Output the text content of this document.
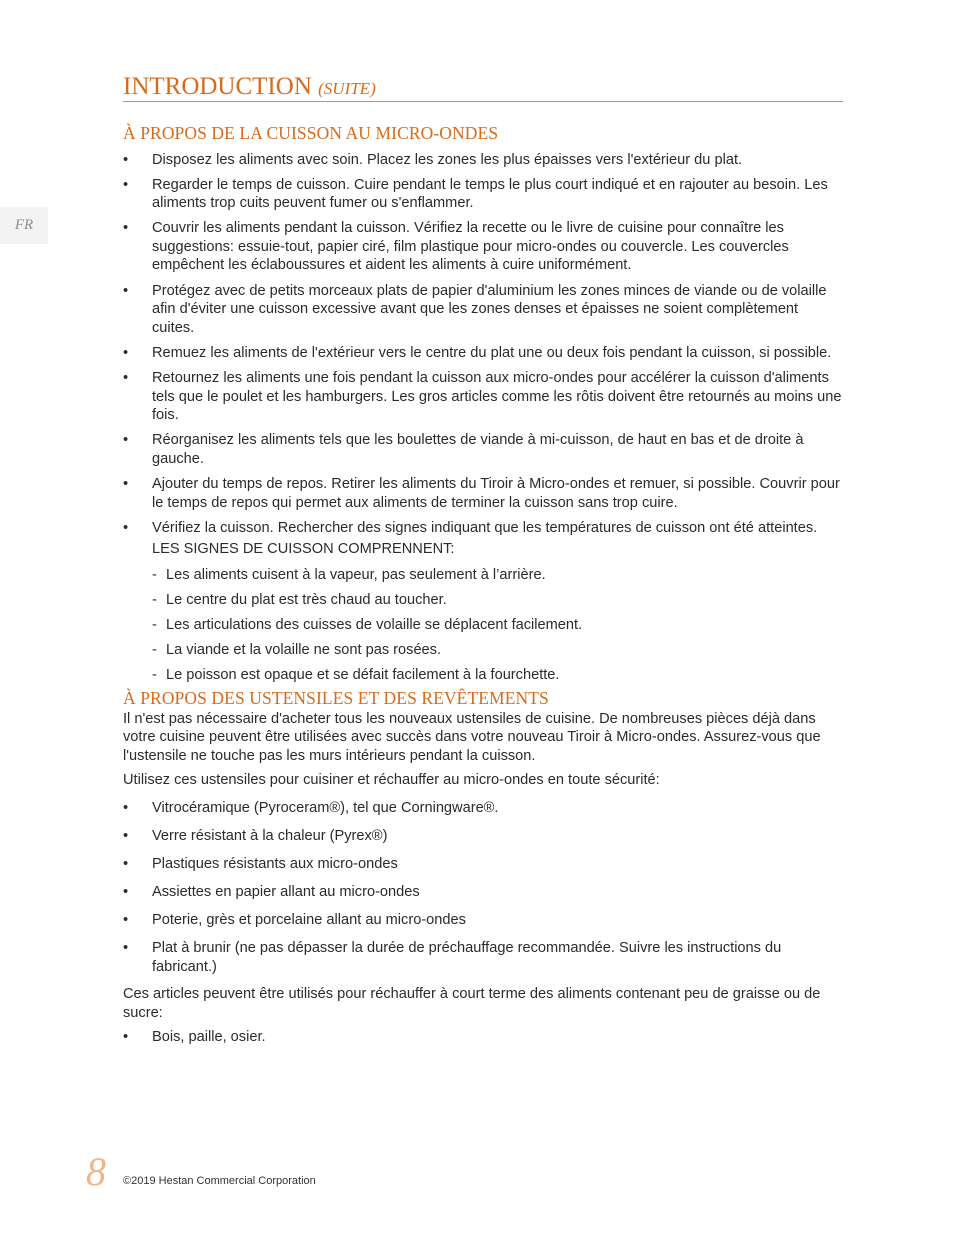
FR
INTRODUCTION (SUITE)
À PROPOS DE LA CUISSON AU MICRO-ONDES
• Disposez les aliments avec soin. Placez les zones les plus épaisses vers l'extérieur du plat.
• Regarder le temps de cuisson. Cuire pendant le temps le plus court indiqué et en rajouter au besoin. Les aliments trop cuits peuvent fumer ou s'enflammer.
• Couvrir les aliments pendant la cuisson. Vérifiez la recette ou le livre de cuisine pour connaître les suggestions: essuie-tout, papier ciré, film plastique pour micro-ondes ou couvercle. Les couvercles empêchent les éclaboussures et aident les aliments à cuire uniformément.
• Protégez avec de petits morceaux plats de papier d'aluminium les zones minces de viande ou de volaille afin d'éviter une cuisson excessive avant que les zones denses et épaisses ne soient complètement cuites.
• Remuez les aliments de l'extérieur vers le centre du plat une ou deux fois pendant la cuisson, si possible.
• Retournez les aliments une fois pendant la cuisson aux micro-ondes pour accélérer la cuisson d'aliments tels que le poulet et les hamburgers. Les gros articles comme les rôtis doivent être retournés au moins une fois.
• Réorganisez les aliments tels que les boulettes de viande à mi-cuisson, de haut en bas et de droite à gauche.
• Ajouter du temps de repos. Retirer les aliments du Tiroir à Micro-ondes et remuer, si possible. Couvrir pour le temps de repos qui permet aux aliments de terminer la cuisson sans trop cuire.
• Vérifiez la cuisson. Rechercher des signes indiquant que les températures de cuisson ont été atteintes.
LES SIGNES DE CUISSON COMPRENNENT:
- Les aliments cuisent à la vapeur, pas seulement à l’arrière.
- Le centre du plat est très chaud au toucher.
- Les articulations des cuisses de volaille se déplacent facilement.
- La viande et la volaille ne sont pas rosées.
- Le poisson est opaque et se défait facilement à la fourchette.
À PROPOS DES USTENSILES ET DES REVÊTEMENTS

Il n'est pas nécessaire d'acheter tous les nouveaux ustensiles de cuisine. De nombreuses pièces déjà dans votre cuisine peuvent être utilisées avec succès dans votre nouveau Tiroir à Micro-ondes. Assurez-vous que l'ustensile ne touche pas les murs intérieurs pendant la cuisson.

Utilisez ces ustensiles pour cuisiner et réchauffer au micro-ondes en toute sécurité:

• Vitrocéramique (Pyroceram®), tel que Corningware®.
• Verre résistant à la chaleur (Pyrex®)
• Plastiques résistants aux micro-ondes
• Assiettes en papier allant au micro-ondes
• Poterie, grès et porcelaine allant au micro-ondes
• Plat à brunir (ne pas dépasser la durée de préchauffage recommandée. Suivre les instructions du fabricant.)

Ces articles peuvent être utilisés pour réchauffer à court terme des aliments contenant peu de graisse ou de sucre:

• Bois, paille, osier.
8 ©2019 Hestan Commercial Corporation
